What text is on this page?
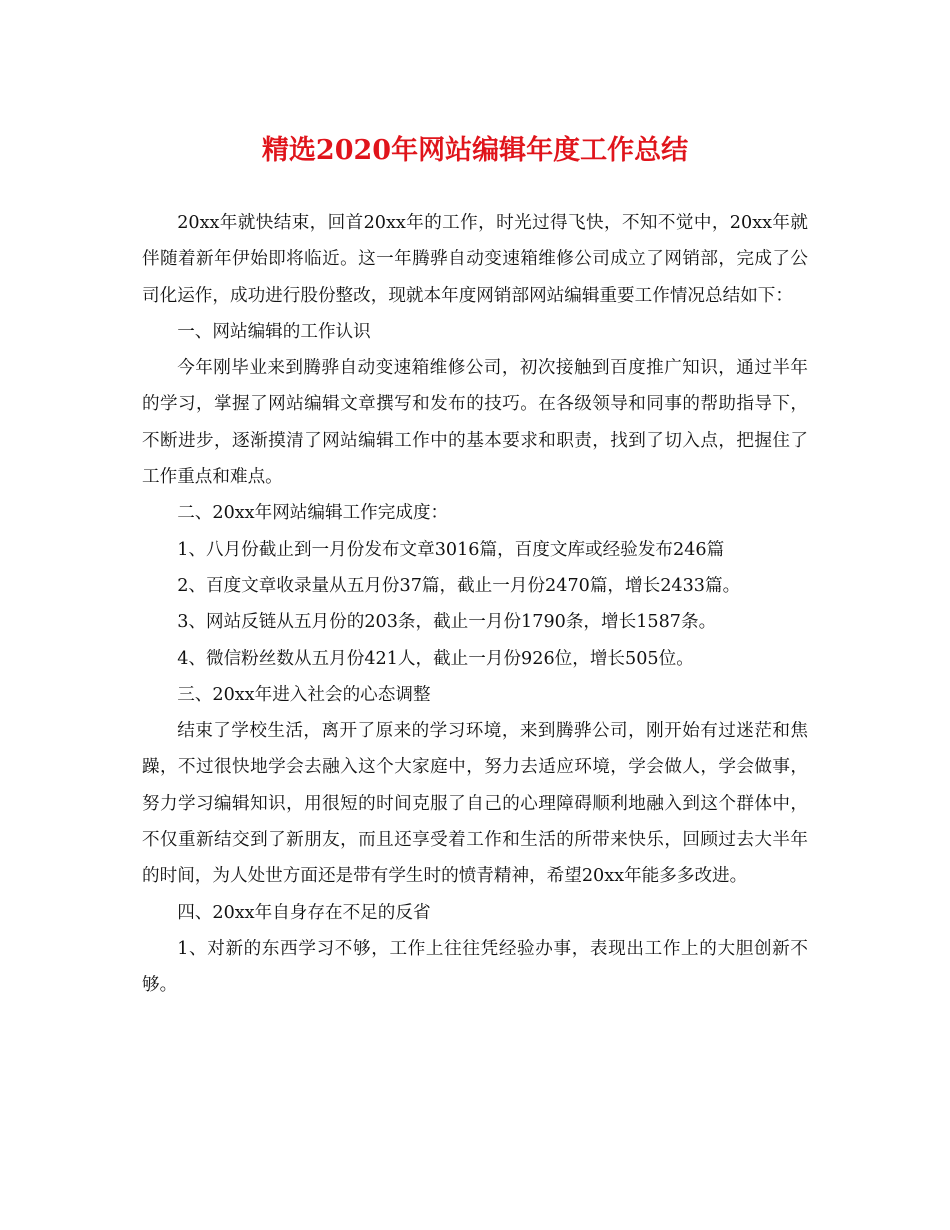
精选2020年网站编辑年度工作总结

20xx年就快结束，回首20xx年的工作，时光过得飞快，不知不觉中，20xx年就伴随着新年伊始即将临近。这一年腾骅自动变速箱维修公司成立了网销部，完成了公司化运作，成功进行股份整改，现就本年度网销部网站编辑重要工作情况总结如下：

一、网站编辑的工作认识

今年刚毕业来到腾骅自动变速箱维修公司，初次接触到百度推广知识，通过半年的学习，掌握了网站编辑文章撰写和发布的技巧。在各级领导和同事的帮助指导下，不断进步，逐渐摸清了网站编辑工作中的基本要求和职责，找到了切入点，把握住了工作重点和难点。

二、20xx年网站编辑工作完成度：

1、八月份截止到一月份发布文章3016篇，百度文库或经验发布246篇

2、百度文章收录量从五月份37篇，截止一月份2470篇，增长2433篇。

3、网站反链从五月份的203条，截止一月份1790条，增长1587条。

4、微信粉丝数从五月份421人，截止一月份926位，增长505位。

三、20xx年进入社会的心态调整

结束了学校生活，离开了原来的学习环境，来到腾骅公司，刚开始有过迷茫和焦躁，不过很快地学会去融入这个大家庭中，努力去适应环境，学会做人，学会做事，努力学习编辑知识，用很短的时间克服了自己的心理障碍顺利地融入到这个群体中，不仅重新结交到了新朋友，而且还享受着工作和生活的所带来快乐，回顾过去大半年的时间，为人处世方面还是带有学生时的愤青精神，希望20xx年能多多改进。

四、20xx年自身存在不足的反省

1、对新的东西学习不够，工作上往往凭经验办事，表现出工作上的大胆创新不够。
